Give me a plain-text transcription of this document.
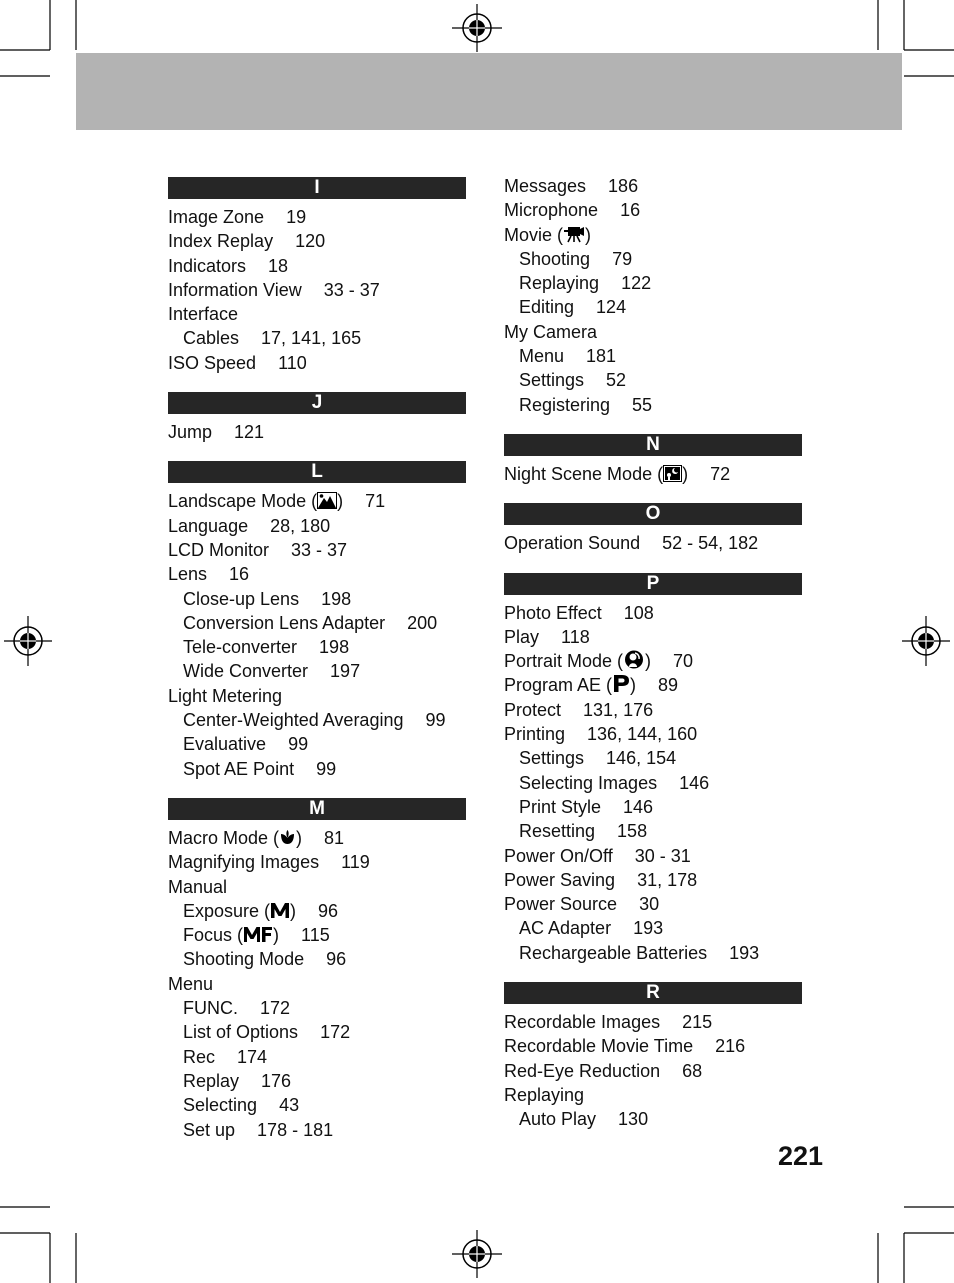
I
Image Zone 19
Index Replay 120
Indicators 18
Information View 33 - 37
Interface
Cables 17, 141, 165
ISO Speed 110
J
Jump 121
L
Landscape Mode ( ) 71
Language 28, 180
LCD Monitor 33 - 37
Lens 16
Close-up Lens 198
Conversion Lens Adapter 200
Tele-converter 198
Wide Converter 197
Light Metering
Center-Weighted Averaging 99
Evaluative 99
Spot AE Point 99
M
Macro Mode ( ) 81
Magnifying Images 119
Manual
Exposure ( ) 96
Focus ( ) 115
Shooting Mode 96
Menu
FUNC. 172
List of Options 172
Rec 174
Replay 176
Selecting 43
Set up 178 - 181
Messages 186
Microphone 16
Movie ( )
Shooting 79
Replaying 122
Editing 124
My Camera
Menu 181
Settings 52
Registering 55
N
Night Scene Mode ( ) 72
O
Operation Sound 52 - 54, 182
P
Photo Effect 108
Play 118
Portrait Mode ( ) 70
Program AE ( ) 89
Protect 131, 176
Printing 136, 144, 160
Settings 146, 154
Selecting Images 146
Print Style 146
Resetting 158
Power On/Off 30 - 31
Power Saving 31, 178
Power Source 30
AC Adapter 193
Rechargeable Batteries 193
R
Recordable Images 215
Recordable Movie Time 216
Red-Eye Reduction 68
Replaying
Auto Play 130
221
